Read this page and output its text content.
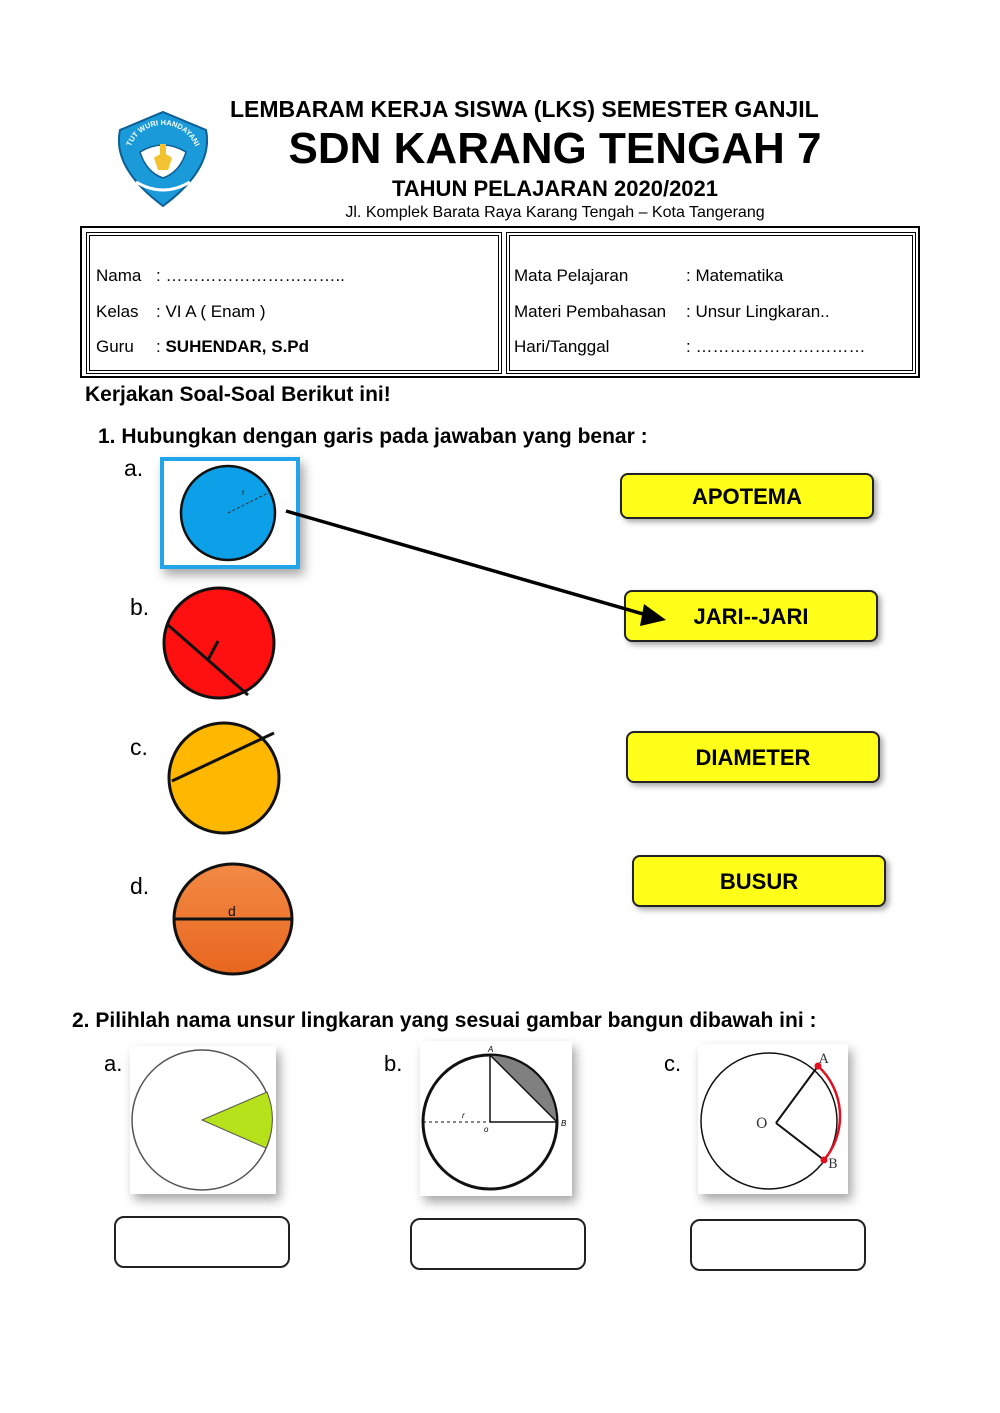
TUT WURI HANDAYANI
LEMBARAM KERJA SISWA (LKS) SEMESTER GANJIL
SDN KARANG TENGAH 7
TAHUN PELAJARAN 2020/2021
Jl. Komplek Barata Raya Karang Tengah – Kota Tangerang
Nama : …………………………..
Kelas : VI A ( Enam )
Guru : SUHENDAR, S.Pd
Mata Pelajaran	: Matematika
Materi Pembahasan : Unsur Lingkaran..
Hari/Tanggal	: …………………………
Kerjakan Soal-Soal Berikut ini!
1. Hubungkan dengan garis pada jawaban yang benar :
a.
b.
c.
d.
r
d
APOTEMA
JARI--JARI
DIAMETER
BUSUR
2. Pilihlah nama unsur lingkaran yang sesuai gambar bangun dibawah ini :
a.	b.	c.
A
B
o
r
A
B
O
